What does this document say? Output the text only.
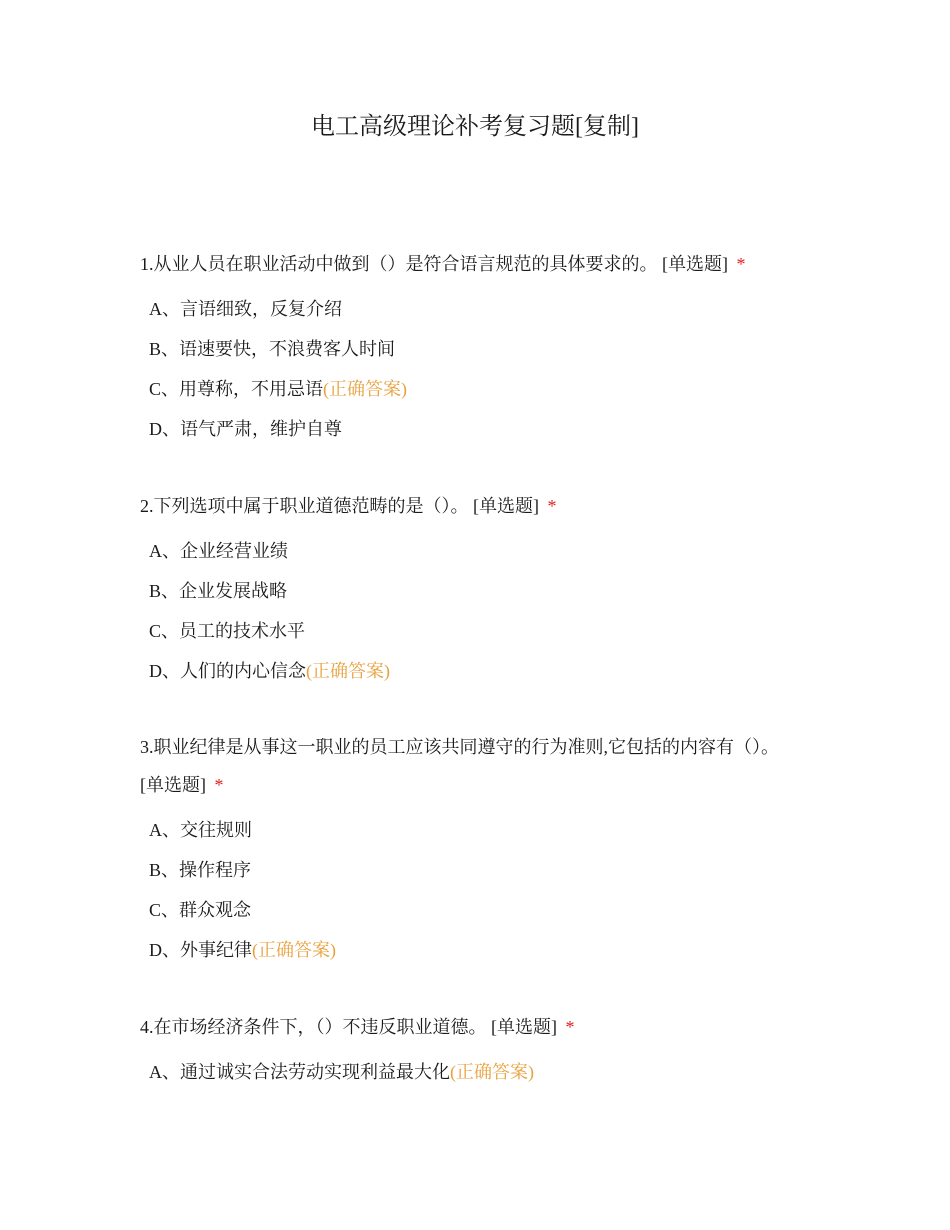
电工高级理论补考复习题[复制]
1.从业人员在职业活动中做到（）是符合语言规范的具体要求的。 [单选题] *
A、言语细致，反复介绍
B、语速要快，不浪费客人时间
C、用尊称，不用忌语(正确答案)
D、语气严肃，维护自尊
2.下列选项中属于职业道德范畴的是（）。 [单选题] *
A、企业经营业绩
B、企业发展战略
C、员工的技术水平
D、人们的内心信念(正确答案)
3.职业纪律是从事这一职业的员工应该共同遵守的行为准则,它包括的内容有（）。
[单选题] *
A、交往规则
B、操作程序
C、群众观念
D、外事纪律(正确答案)
4.在市场经济条件下，（）不违反职业道德。 [单选题] *
A、通过诚实合法劳动实现利益最大化(正确答案)
